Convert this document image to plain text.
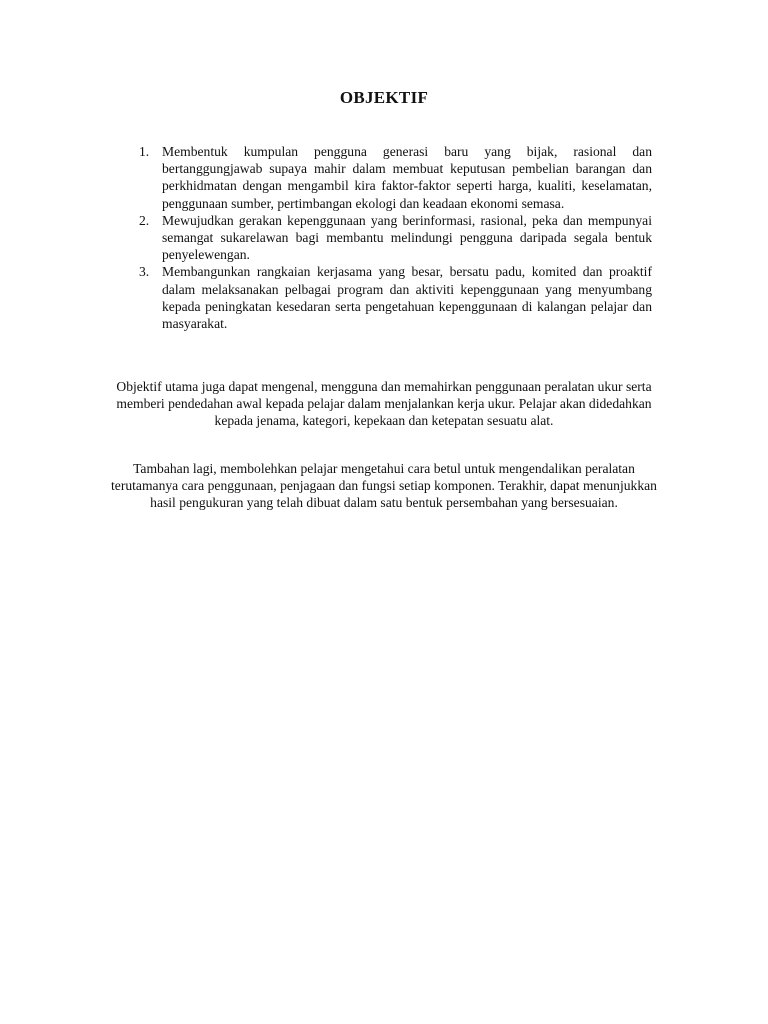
OBJEKTIF
1. Membentuk kumpulan pengguna generasi baru yang bijak, rasional dan bertanggungjawab supaya mahir dalam membuat keputusan pembelian barangan dan perkhidmatan dengan mengambil kira faktor-faktor seperti harga, kualiti, keselamatan, penggunaan sumber, pertimbangan ekologi dan keadaan ekonomi semasa.
2. Mewujudkan gerakan kepenggunaan yang berinformasi, rasional, peka dan mempunyai semangat sukarelawan bagi membantu melindungi pengguna daripada segala bentuk penyelewengan.
3. Membangunkan rangkaian kerjasama yang besar, bersatu padu, komited dan proaktif dalam melaksanakan pelbagai program dan aktiviti kepenggunaan yang menyumbang kepada peningkatan kesedaran serta pengetahuan kepenggunaan di kalangan pelajar dan masyarakat.

Objektif utama juga dapat mengenal, mengguna dan memahirkan penggunaan peralatan ukur serta memberi pendedahan awal kepada pelajar dalam menjalankan kerja ukur. Pelajar akan didedahkan kepada jenama, kategori, kepekaan dan ketepatan sesuatu alat.

Tambahan lagi, membolehkan pelajar mengetahui cara betul untuk mengendalikan peralatan terutamanya cara penggunaan, penjagaan dan fungsi setiap komponen. Terakhir, dapat menunjukkan hasil pengukuran yang telah dibuat dalam satu bentuk persembahan yang bersesuaian.
